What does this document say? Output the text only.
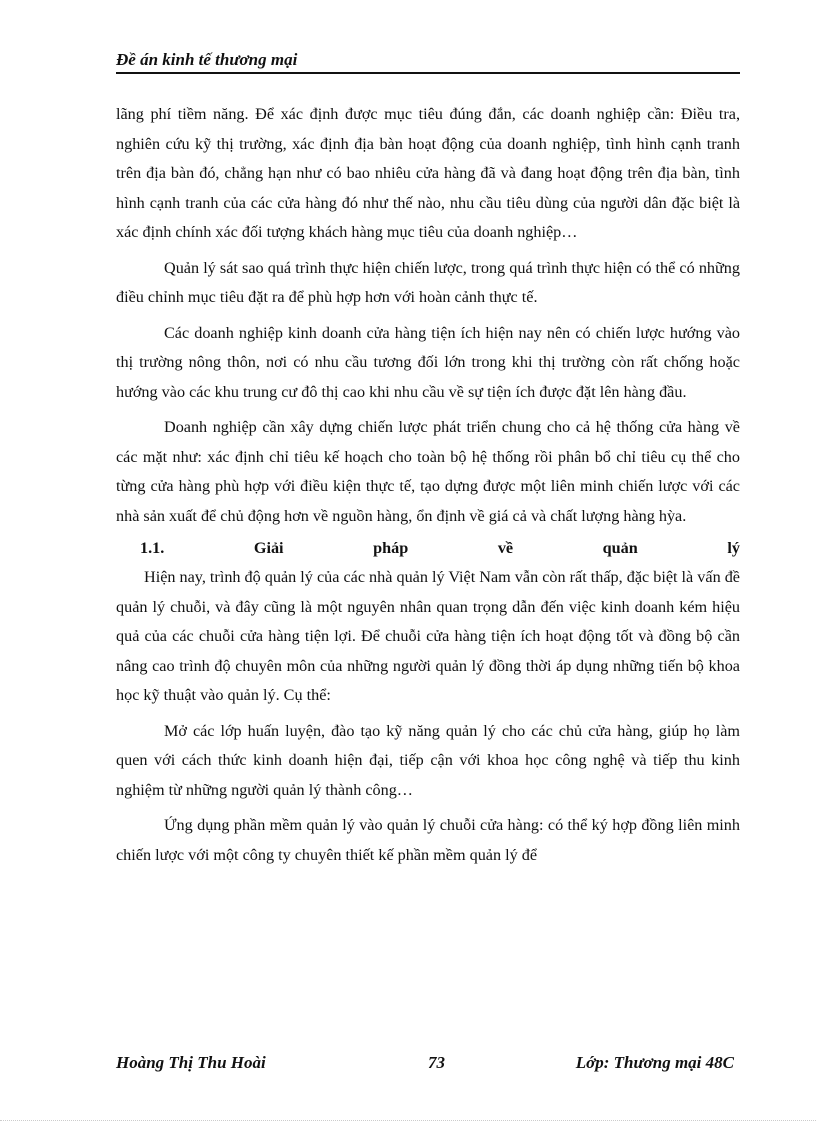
Đề án kinh tế thương mại

lãng phí tiềm năng. Để xác định được mục tiêu đúng đắn, các doanh nghiệp cần: Điều tra, nghiên cứu kỹ thị trường, xác định địa bàn hoạt động của doanh nghiệp, tình hình cạnh tranh trên địa bàn đó, chẳng hạn như có bao nhiêu cửa hàng đã và đang hoạt động trên địa bàn, tình hình cạnh tranh của các cửa hàng đó như thế nào, nhu cầu tiêu dùng của người dân đặc biệt là xác định chính xác đối tượng khách hàng mục tiêu của doanh nghiệp…

Quản lý sát sao quá trình thực hiện chiến lược, trong quá trình thực hiện có thể có những điều chỉnh mục tiêu đặt ra để phù hợp hơn với hoàn cảnh thực tế.

Các doanh nghiệp kinh doanh cửa hàng tiện ích hiện nay nên có chiến lược hướng vào thị trường nông thôn, nơi có nhu cầu tương đối lớn trong khi thị trường còn rất chống hoặc hướng vào các khu trung cư đô thị cao khi nhu cầu về sự tiện ích được đặt lên hàng đầu.

Doanh nghiệp cần xây dựng chiến lược phát triển chung cho cả hệ thống cửa hàng về các mặt như: xác định chỉ tiêu kế hoạch cho toàn bộ hệ thống rồi phân bổ chỉ tiêu cụ thể cho từng cửa hàng phù hợp với điều kiện thực tế, tạo dựng được một liên minh chiến lược với các nhà sản xuất để chủ động hơn về nguồn hàng, ổn định về giá cả và chất lượng hàng hỳa.

1.1.	Giải	pháp	về	quản	lý

Hiện nay, trình độ quản lý của các nhà quản lý Việt Nam vẫn còn rất thấp, đặc biệt là vấn đề quản lý chuỗi, và đây cũng là một nguyên nhân quan trọng dẫn đến việc kinh doanh kém hiệu quả của các chuỗi cửa hàng tiện lợi. Để chuỗi cửa hàng tiện ích hoạt động tốt và đồng bộ cần nâng cao trình độ chuyên môn của những người quản lý đồng thời áp dụng những tiến bộ khoa học kỹ thuật vào quản lý. Cụ thể:

Mở các lớp huấn luyện, đào tạo kỹ năng quản lý cho các chủ cửa hàng, giúp họ làm quen với cách thức kinh doanh hiện đại, tiếp cận với khoa học công nghệ và tiếp thu kinh nghiệm từ những người quản lý thành công…

Ứng dụng phần mềm quản lý vào quản lý chuỗi cửa hàng: có thể ký hợp đồng liên minh chiến lược với một công ty chuyên thiết kế phần mềm quản lý để

Hoàng Thị Thu Hoài	73	Lớp: Thương mại 48C
